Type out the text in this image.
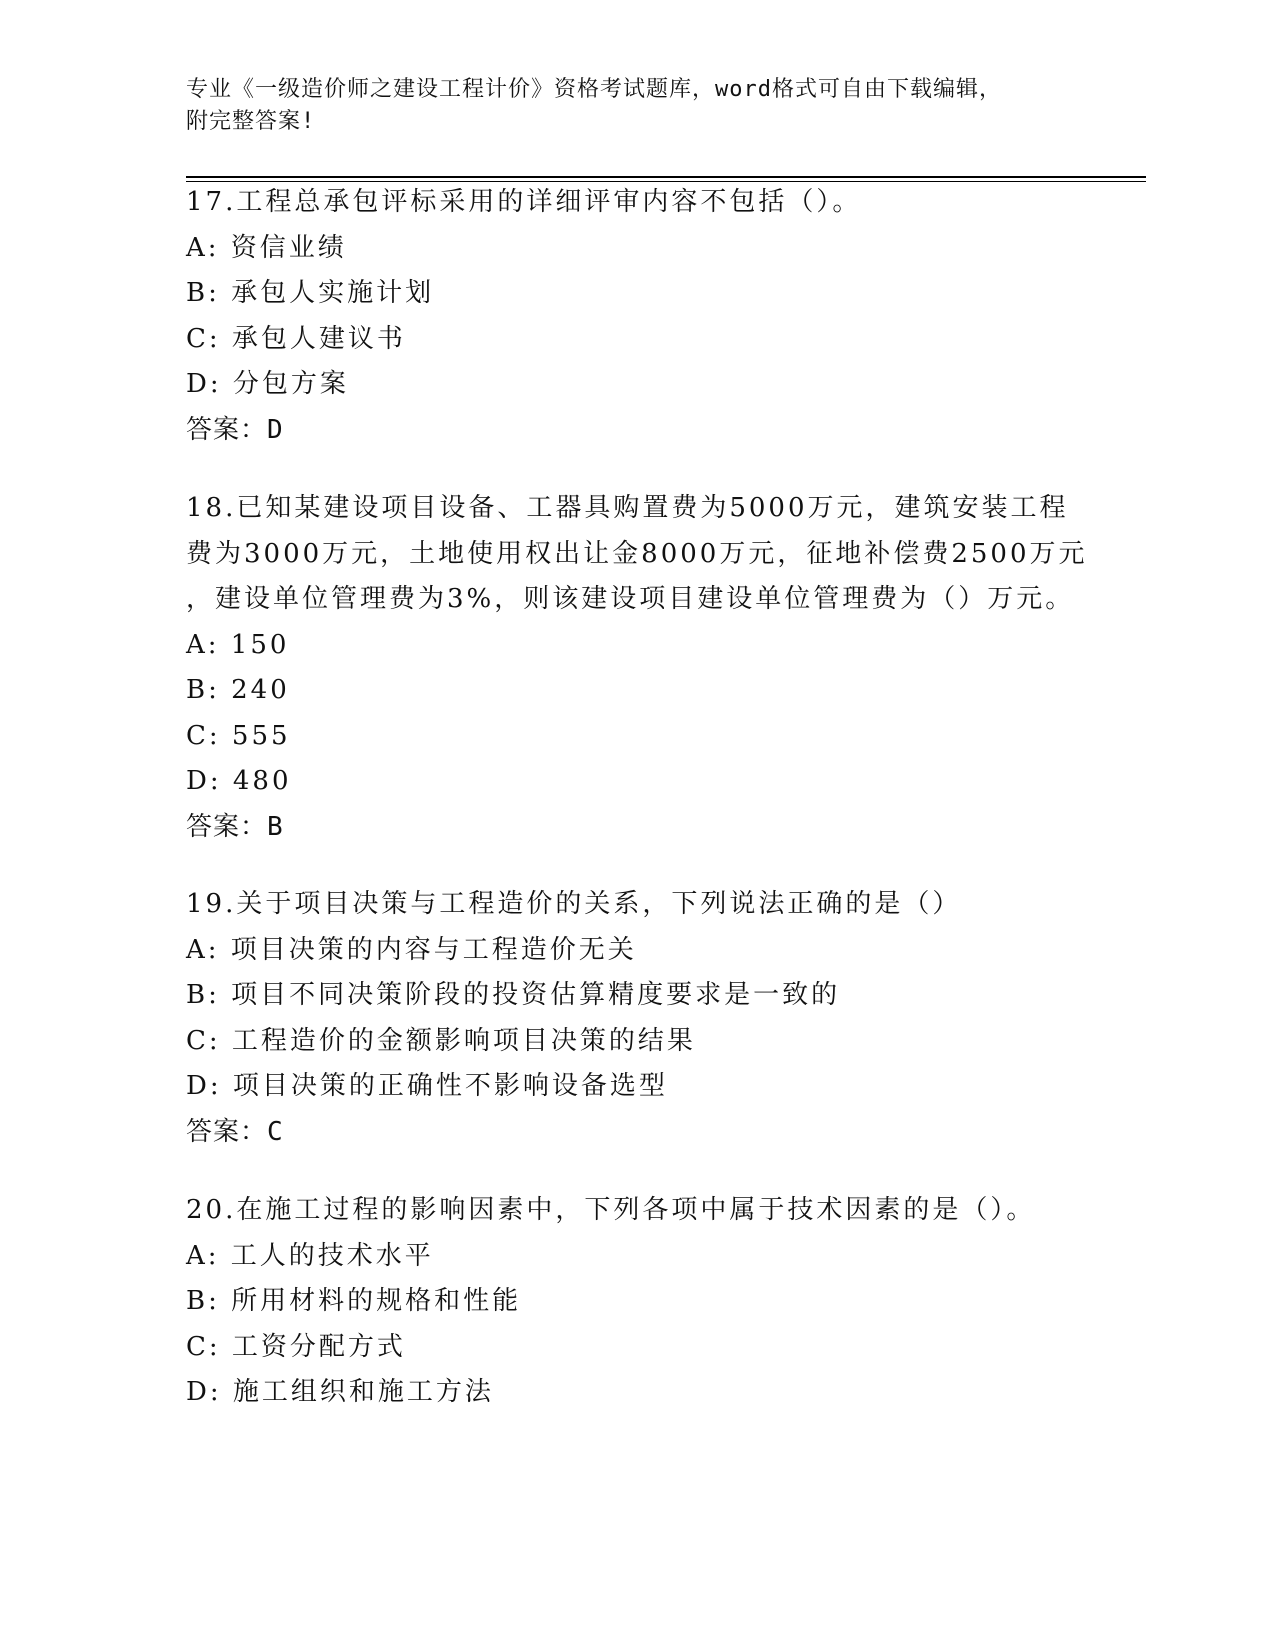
专业《一级造价师之建设工程计价》资格考试题库，word格式可自由下载编辑，
附完整答案!
17.工程总承包评标采用的详细评审内容不包括（）。
A: 资信业绩
B: 承包人实施计划
C: 承包人建议书
D: 分包方案
答案：D
18.已知某建设项目设备、工器具购置费为5000万元，建筑安装工程
费为3000万元，土地使用权出让金8000万元，征地补偿费2500万元
，建设单位管理费为3%，则该建设项目建设单位管理费为（）万元。
A: 150
B: 240
C: 555
D: 480
答案：B
19.关于项目决策与工程造价的关系，下列说法正确的是（）
A: 项目决策的内容与工程造价无关
B: 项目不同决策阶段的投资估算精度要求是一致的
C: 工程造价的金额影响项目决策的结果
D: 项目决策的正确性不影响设备选型
答案：C
20.在施工过程的影响因素中，下列各项中属于技术因素的是（）。
A: 工人的技术水平
B: 所用材料的规格和性能
C: 工资分配方式
D: 施工组织和施工方法
